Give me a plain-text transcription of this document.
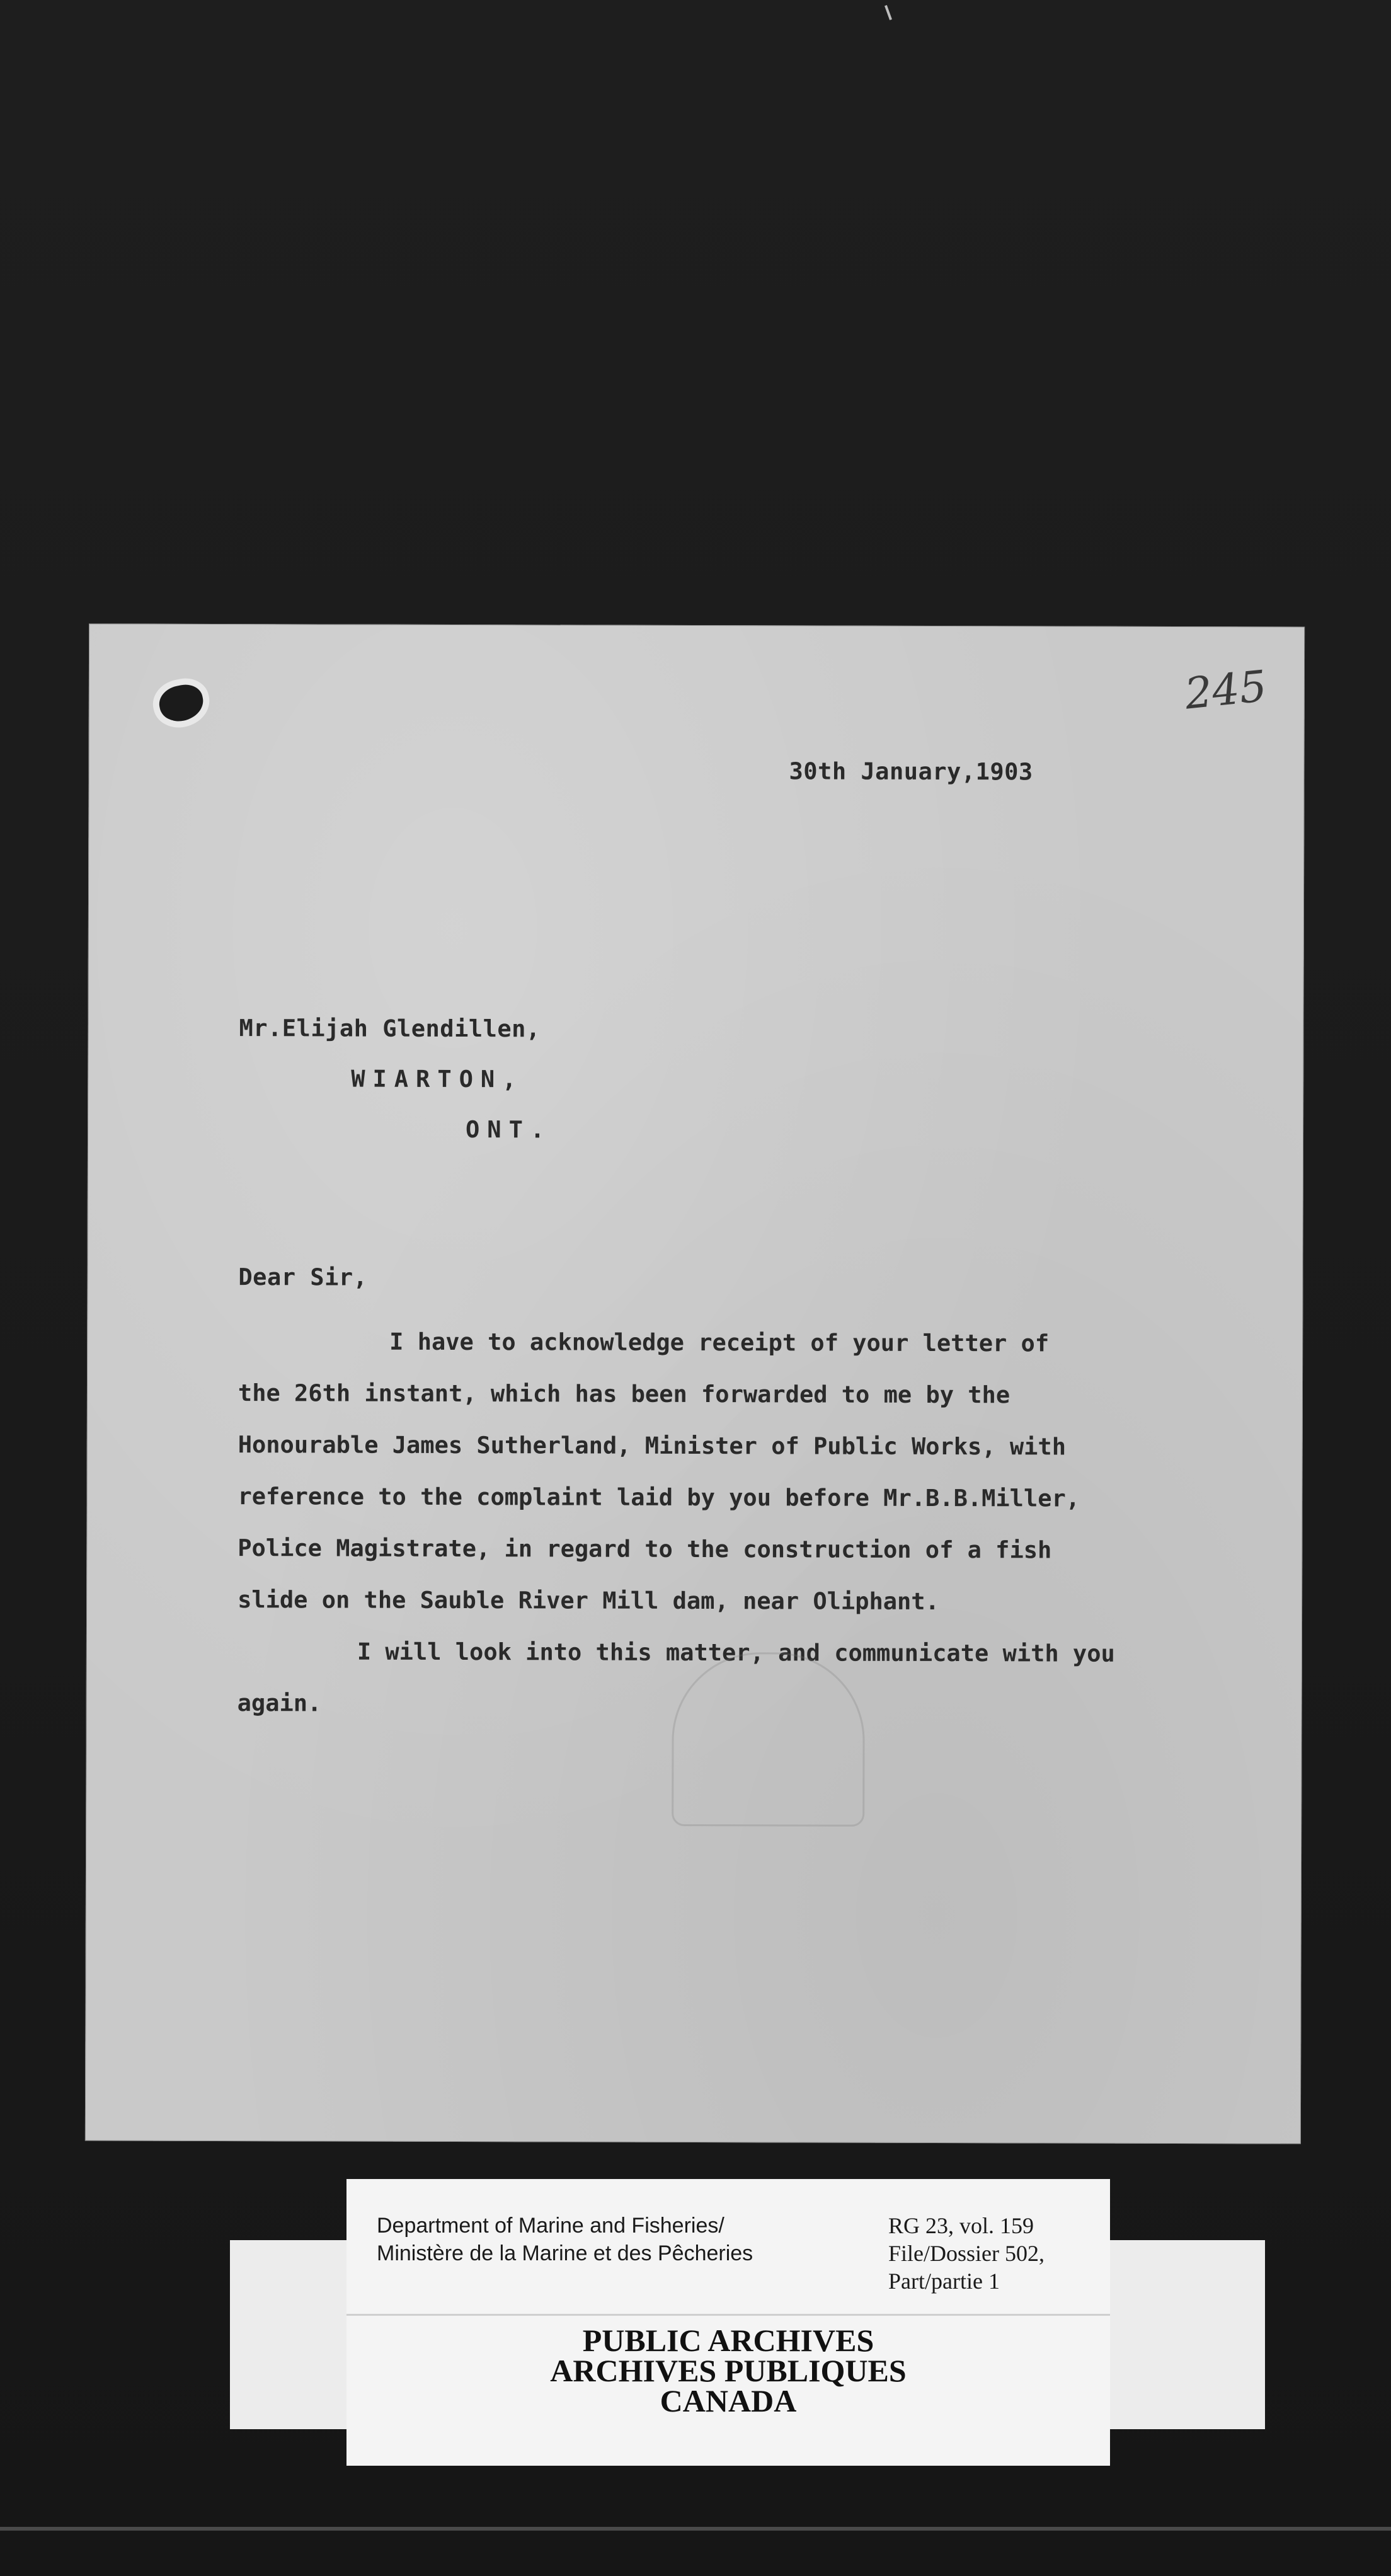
245
30th January,1903
Mr.Elijah Glendillen,
WIARTON,
ONT.
Dear Sir,
I have to acknowledge receipt of your letter of
the 26th instant, which has been forwarded to me by the
Honourable James Sutherland, Minister of Public Works, with
reference to the complaint laid by you before Mr.B.B.Miller,
Police Magistrate, in regard to the construction of a fish
slide on the Sauble River Mill dam, near Oliphant.
I will look into this matter, and communicate with you
again.
Department of Marine and Fisheries/
Ministère de la Marine et des Pêcheries
RG 23, vol. 159
File/Dossier 502,
Part/partie 1
PUBLIC ARCHIVES
ARCHIVES PUBLIQUES
CANADA
